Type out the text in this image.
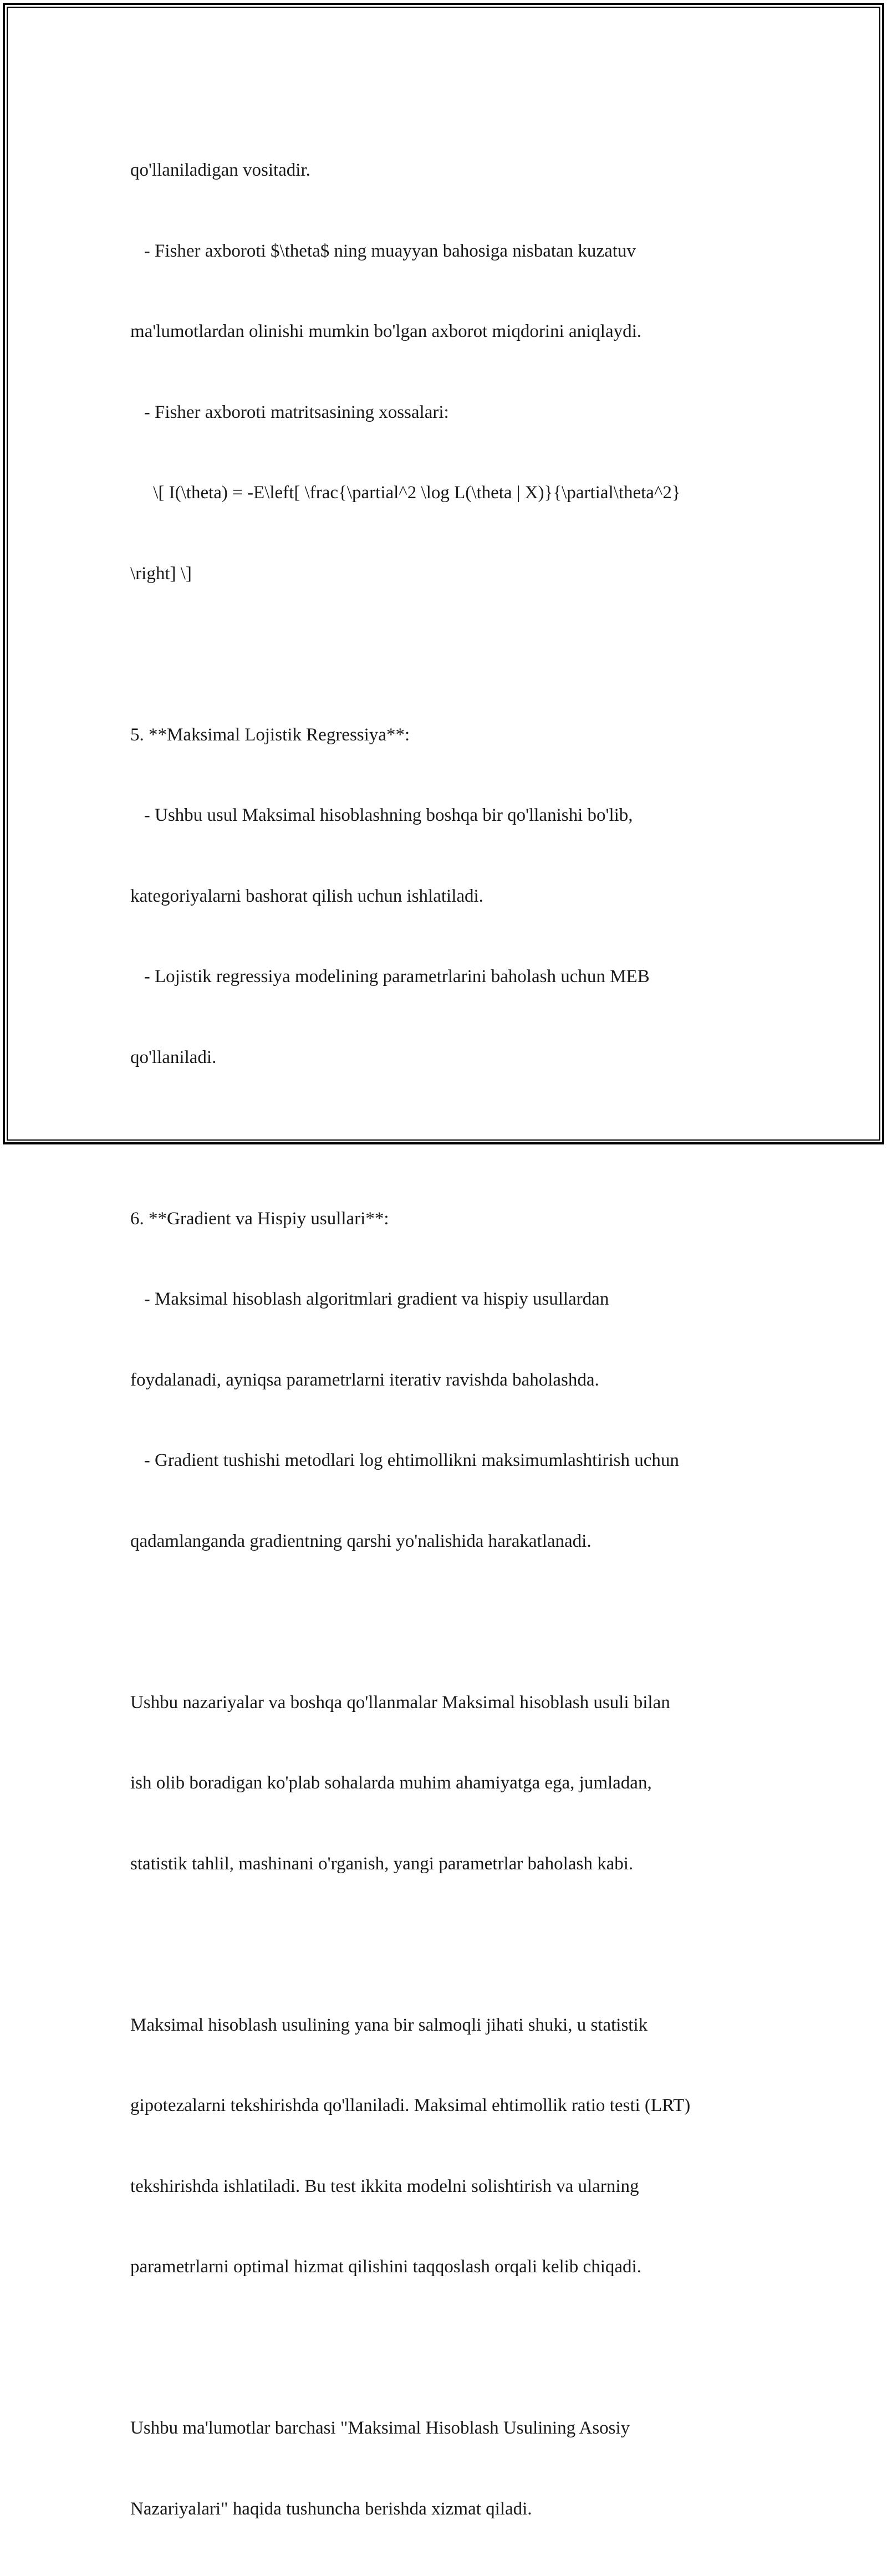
qo'llaniladigan vositadir.

- Fisher axboroti $\theta$ ning muayyan bahosiga nisbatan kuzatuv

ma'lumotlardan olinishi mumkin bo'lgan axborot miqdorini aniqlaydi.

- Fisher axboroti matritsasining xossalari:

\[ I(\theta) = -E\left[ \frac{\partial^2 \log L(\theta | X)}{\partial\theta^2}

\right] \]

5. **Maksimal Lojistik Regressiya**:

- Ushbu usul Maksimal hisoblashning boshqa bir qo'llanishi bo'lib,

kategoriyalarni bashorat qilish uchun ishlatiladi.

- Lojistik regressiya modelining parametrlarini baholash uchun MEB

qo'llaniladi.

6. **Gradient va Hispiy usullari**:

- Maksimal hisoblash algoritmlari gradient va hispiy usullardan

foydalanadi, ayniqsa parametrlarni iterativ ravishda baholashda.

- Gradient tushishi metodlari log ehtimollikni maksimumlashtirish uchun

qadamlanganda gradientning qarshi yo'nalishida harakatlanadi.

Ushbu nazariyalar va boshqa qo'llanmalar Maksimal hisoblash usuli bilan

ish olib boradigan ko'plab sohalarda muhim ahamiyatga ega, jumladan,

statistik tahlil, mashinani o'rganish, yangi parametrlar baholash kabi.

Maksimal hisoblash usulining yana bir salmoqli jihati shuki, u statistik

gipotezalarni tekshirishda qo'llaniladi. Maksimal ehtimollik ratio testi (LRT)

tekshirishda ishlatiladi. Bu test ikkita modelni solishtirish va ularning

parametrlarni optimal hizmat qilishini taqqoslash orqali kelib chiqadi.

Ushbu ma'lumotlar barchasi "Maksimal Hisoblash Usulining Asosiy

Nazariyalari" haqida tushuncha berishda xizmat qiladi.
